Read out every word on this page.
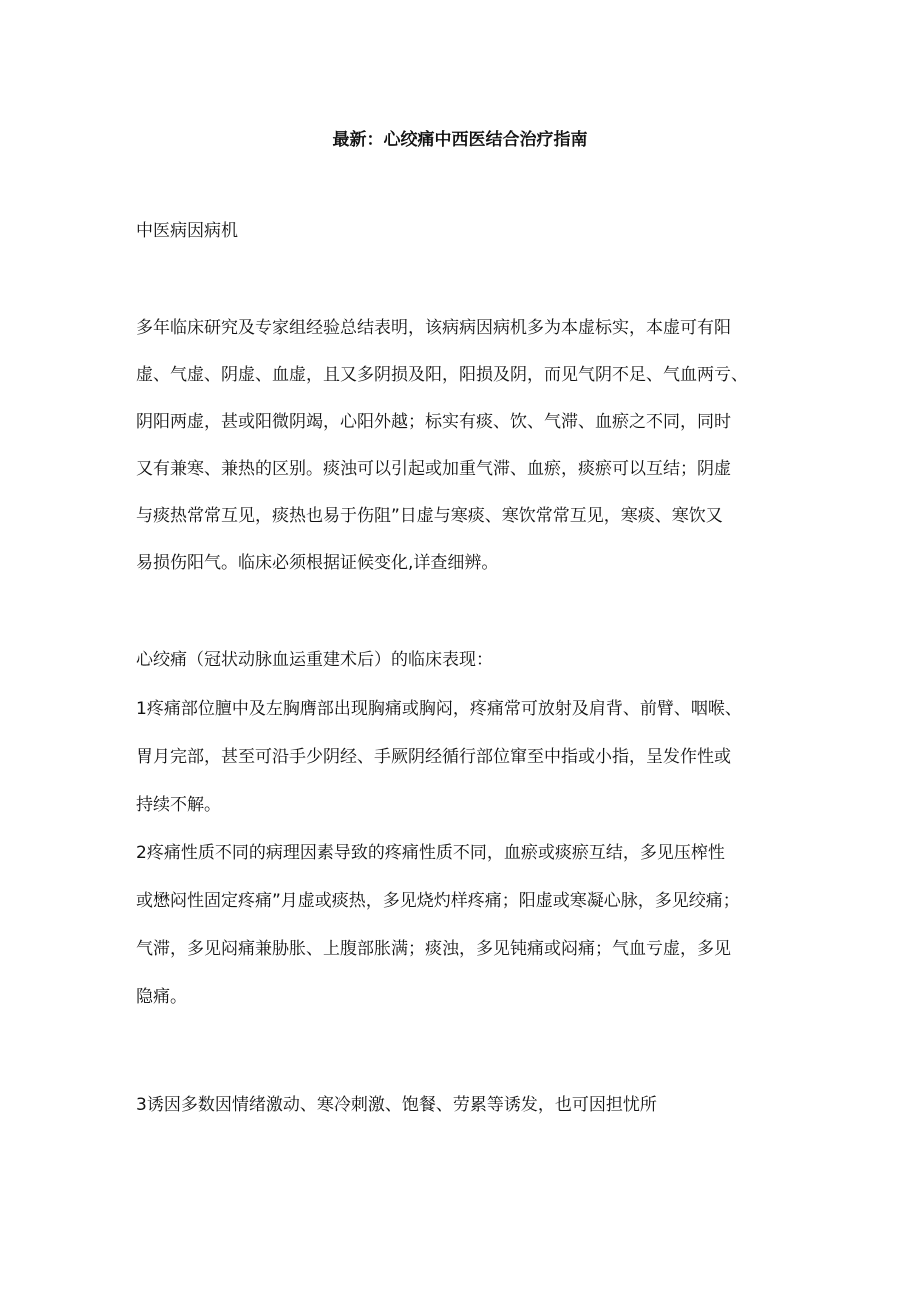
最新：心绞痛中西医结合治疗指南
中医病因病机
多年临床研究及专家组经验总结表明，该病病因病机多为本虚标实，本虚可有阳
虚、气虚、阴虚、血虚，且又多阴损及阳，阳损及阴，而见气阴不足、气血两亏、
阴阳两虚，甚或阳微阴竭，心阳外越；标实有痰、饮、气滞、血瘀之不同，同时
又有兼寒、兼热的区别。痰浊可以引起或加重气滞、血瘀，痰瘀可以互结；阴虚
与痰热常常互见，痰热也易于伤阻”日虚与寒痰、寒饮常常互见，寒痰、寒饮又
易损伤阳气。临床必须根据证候变化,详查细辨。
心绞痛（冠状动脉血运重建术后）的临床表现：
1疼痛部位膻中及左胸膺部出现胸痛或胸闷，疼痛常可放射及肩背、前臂、咽喉、
胃月完部，甚至可沿手少阴经、手厥阴经循行部位窜至中指或小指，呈发作性或
持续不解。
2疼痛性质不同的病理因素导致的疼痛性质不同，血瘀或痰瘀互结，多见压榨性
或懋闷性固定疼痛”月虚或痰热，多见烧灼样疼痛；阳虚或寒凝心脉，多见绞痛；
气滞，多见闷痛兼胁胀、上腹部胀满；痰浊，多见钝痛或闷痛；气血亏虚，多见
隐痛。
3诱因多数因情绪激动、寒冷刺激、饱餐、劳累等诱发，也可因担忧所
